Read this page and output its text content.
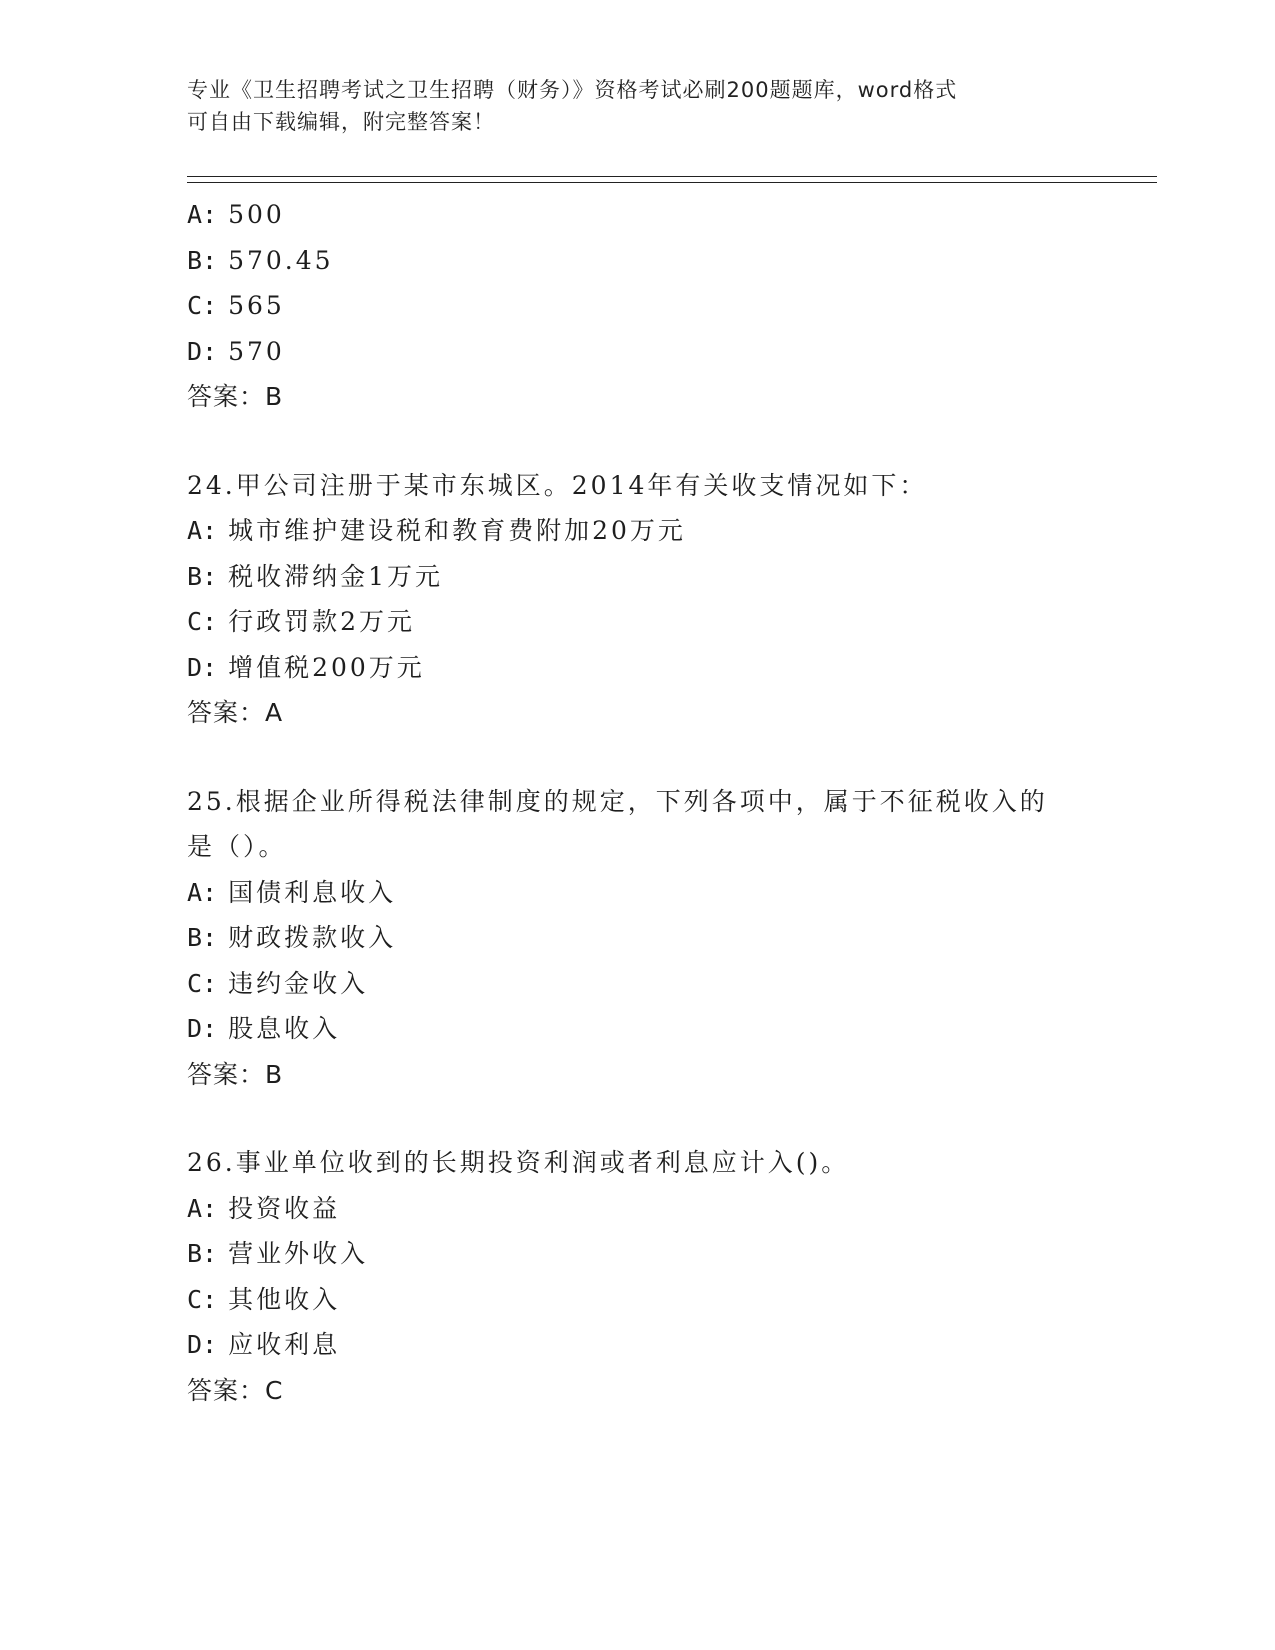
专业《卫生招聘考试之卫生招聘（财务）》资格考试必刷200题题库，word格式
可自由下载编辑，附完整答案！
A: 500
B: 570.45
C: 565
D: 570
答案：B
24.甲公司注册于某市东城区。2014年有关收支情况如下：
A: 城市维护建设税和教育费附加20万元
B: 税收滞纳金1万元
C: 行政罚款2万元
D: 增值税200万元
答案：A
25.根据企业所得税法律制度的规定，下列各项中，属于不征税收入的
是（）。
A: 国债利息收入
B: 财政拨款收入
C: 违约金收入
D: 股息收入
答案：B
26.事业单位收到的长期投资利润或者利息应计入()。
A: 投资收益
B: 营业外收入
C: 其他收入
D: 应收利息
答案：C
